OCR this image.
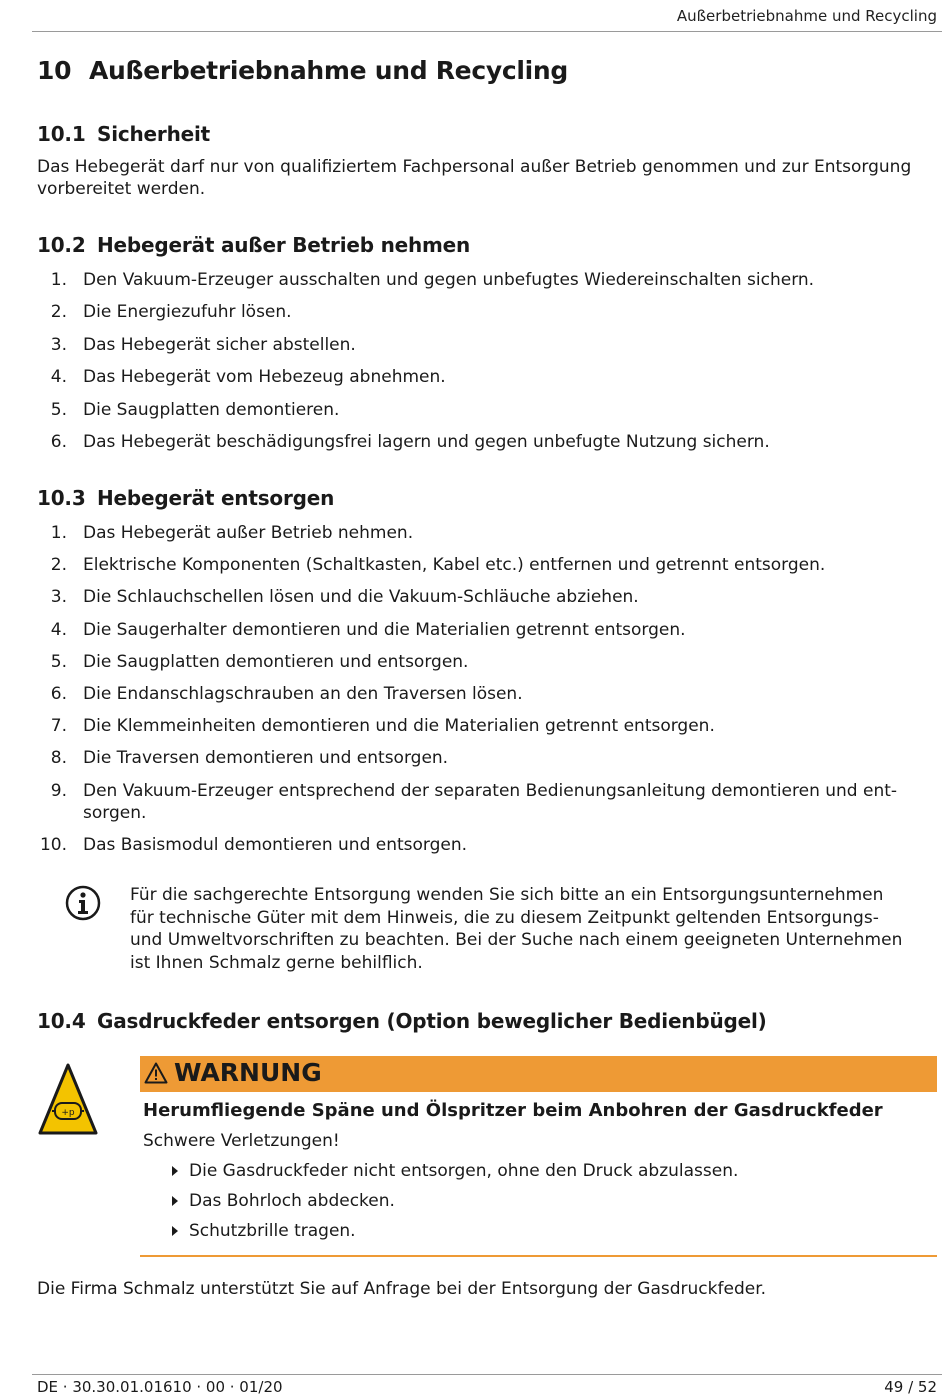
Außerbetriebnahme und Recycling
10 Außerbetriebnahme und Recycling
10.1 Sicherheit
Das Hebegerät darf nur von qualifiziertem Fachpersonal außer Betrieb genommen und zur Entsorgung vorbereitet werden.
10.2 Hebegerät außer Betrieb nehmen
1. Den Vakuum-Erzeuger ausschalten und gegen unbefugtes Wiedereinschalten sichern.
2. Die Energiezufuhr lösen.
3. Das Hebegerät sicher abstellen.
4. Das Hebegerät vom Hebezeug abnehmen.
5. Die Saugplatten demontieren.
6. Das Hebegerät beschädigungsfrei lagern und gegen unbefugte Nutzung sichern.
10.3 Hebegerät entsorgen
1. Das Hebegerät außer Betrieb nehmen.
2. Elektrische Komponenten (Schaltkasten, Kabel etc.) entfernen und getrennt entsorgen.
3. Die Schlauchschellen lösen und die Vakuum-Schläuche abziehen.
4. Die Saugerhalter demontieren und die Materialien getrennt entsorgen.
5. Die Saugplatten demontieren und entsorgen.
6. Die Endanschlagschrauben an den Traversen lösen.
7. Die Klemmeinheiten demontieren und die Materialien getrennt entsorgen.
8. Die Traversen demontieren und entsorgen.
9. Den Vakuum-Erzeuger entsprechend der separaten Bedienungsanleitung demontieren und ent-sorgen.
10. Das Basismodul demontieren und entsorgen.
Für die sachgerechte Entsorgung wenden Sie sich bitte an ein Entsorgungsunternehmen für technische Güter mit dem Hinweis, die zu diesem Zeitpunkt geltenden Entsorgungs- und Umweltvorschriften zu beachten. Bei der Suche nach einem geeigneten Unternehmen ist Ihnen Schmalz gerne behilflich.
10.4 Gasdruckfeder entsorgen (Option beweglicher Bedienbügel)
+p
WARNUNG
Herumfliegende Späne und Ölspritzer beim Anbohren der Gasdruckfeder
Schwere Verletzungen!
Die Gasdruckfeder nicht entsorgen, ohne den Druck abzulassen.
Das Bohrloch abdecken.
Schutzbrille tragen.
Die Firma Schmalz unterstützt Sie auf Anfrage bei der Entsorgung der Gasdruckfeder.
DE · 30.30.01.01610 · 00 · 01/20	49 / 52
